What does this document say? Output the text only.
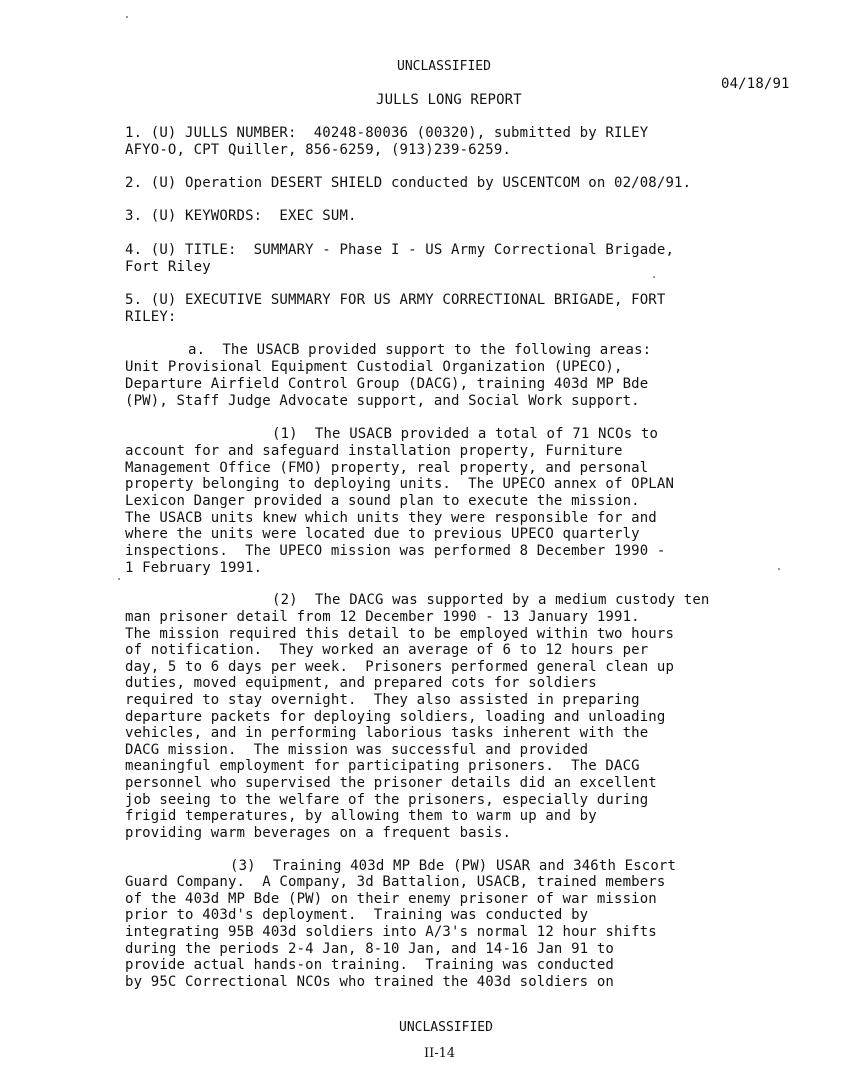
UNCLASSIFIED
04/18/91
JULLS LONG REPORT
1. (U) JULLS NUMBER:  40248-80036 (00320), submitted by RILEY
AFYO-O, CPT Quiller, 856-6259, (913)239-6259.
2. (U) Operation DESERT SHIELD conducted by USCENTCOM on 02/08/91.
3. (U) KEYWORDS:  EXEC SUM.
4. (U) TITLE:  SUMMARY - Phase I - US Army Correctional Brigade,
Fort Riley
5. (U) EXECUTIVE SUMMARY FOR US ARMY CORRECTIONAL BRIGADE, FORT
RILEY:
a.  The USACB provided support to the following areas:
Unit Provisional Equipment Custodial Organization (UPECO),
Departure Airfield Control Group (DACG), training 403d MP Bde
(PW), Staff Judge Advocate support, and Social Work support.
(1)  The USACB provided a total of 71 NCOs to
account for and safeguard installation property, Furniture
Management Office (FMO) property, real property, and personal
property belonging to deploying units.  The UPECO annex of OPLAN
Lexicon Danger provided a sound plan to execute the mission.
The USACB units knew which units they were responsible for and
where the units were located due to previous UPECO quarterly
inspections.  The UPECO mission was performed 8 December 1990 -
1 February 1991.
(2)  The DACG was supported by a medium custody ten
man prisoner detail from 12 December 1990 - 13 January 1991.
The mission required this detail to be employed within two hours
of notification.  They worked an average of 6 to 12 hours per
day, 5 to 6 days per week.  Prisoners performed general clean up
duties, moved equipment, and prepared cots for soldiers
required to stay overnight.  They also assisted in preparing
departure packets for deploying soldiers, loading and unloading
vehicles, and in performing laborious tasks inherent with the
DACG mission.  The mission was successful and provided
meaningful employment for participating prisoners.  The DACG
personnel who supervised the prisoner details did an excellent
job seeing to the welfare of the prisoners, especially during
frigid temperatures, by allowing them to warm up and by
providing warm beverages on a frequent basis.
(3)  Training 403d MP Bde (PW) USAR and 346th Escort
Guard Company.  A Company, 3d Battalion, USACB, trained members
of the 403d MP Bde (PW) on their enemy prisoner of war mission
prior to 403d's deployment.  Training was conducted by
integrating 95B 403d soldiers into A/3's normal 12 hour shifts
during the periods 2-4 Jan, 8-10 Jan, and 14-16 Jan 91 to
provide actual hands-on training.  Training was conducted
by 95C Correctional NCOs who trained the 403d soldiers on
UNCLASSIFIED
II-14
